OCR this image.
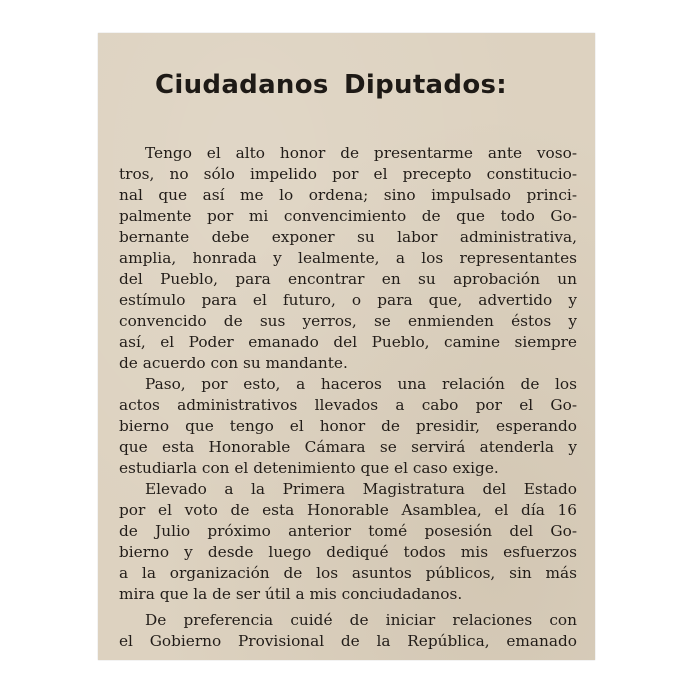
Ciudadanos Diputados:
Tengo el alto honor de presentarme ante voso-
tros, no sólo impelido por el precepto constitucio-
nal que así me lo ordena; sino impulsado princi-
palmente por mi convencimiento de que todo Go-
bernante debe exponer su labor administrativa,
amplia, honrada y lealmente, a los representantes
del Pueblo, para encontrar en su aprobación un
estímulo para el futuro, o para que, advertido y
convencido de sus yerros, se enmienden éstos y
así, el Poder emanado del Pueblo, camine siempre
de acuerdo con su mandante.
Paso, por esto, a haceros una relación de los
actos administrativos llevados a cabo por el Go-
bierno que tengo el honor de presidir, esperando
que esta Honorable Cámara se servirá atenderla y
estudiarla con el detenimiento que el caso exige.
Elevado a la Primera Magistratura del Estado
por el voto de esta Honorable Asamblea, el día 16
de Julio próximo anterior tomé posesión del Go-
bierno y desde luego dediqué todos mis esfuerzos
a la organización de los asuntos públicos, sin más
mira que la de ser útil a mis conciudadanos.
De preferencia cuidé de iniciar relaciones con
el Gobierno Provisional de la República, emanado
